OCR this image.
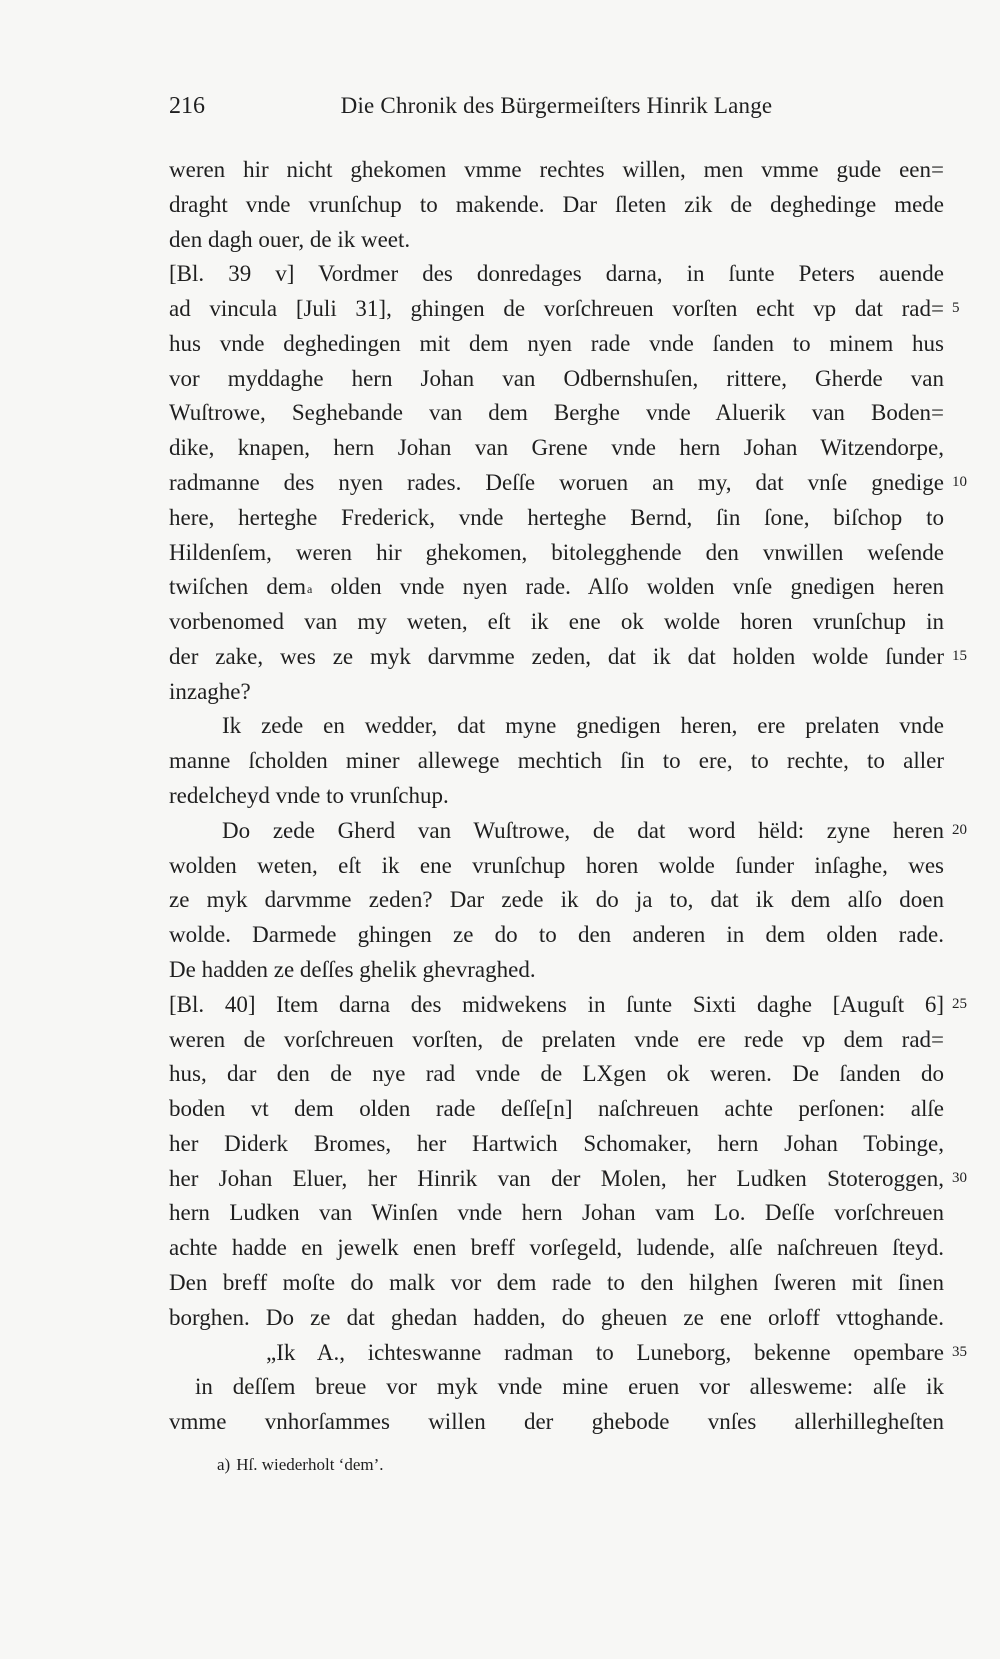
216	Die Chronik des Bürgermeiſters Hinrik Lange
weren hir nicht ghekomen vmme rechtes willen, men vmme gude een=
draght vnde vrunſchup to makende. Dar ſleten zik de deghedinge mede
den dagh ouer, de ik weet.
[Bl. 39 v] Vordmer des donredages darna, in ſunte Peters auende
ad vincula [Juli 31], ghingen de vorſchreuen vorſten echt vp dat rad= 5
hus vnde deghedingen mit dem nyen rade vnde ſanden to minem hus
vor myddaghe hern Johan van Odbernshuſen, rittere, Gherde van
Wuſtrowe, Seghebande van dem Berghe vnde Aluerik van Boden=
dike, knapen, hern Johan van Grene vnde hern Johan Witzendorpe,
radmanne des nyen rades. Deſſe woruen an my, dat vnſe gnedige 10
here, herteghe Frederick, vnde herteghe Bernd, ſin ſone, biſchop to
Hildenſem, weren hir ghekomen, bitolegghende den vnwillen weſende
twiſchen dem$^a$ olden vnde nyen rade. Alſo wolden vnſe gnedigen heren
vorbenomed van my weten, eſt ik ene ok wolde horen vrunſchup in
der zake, wes ze myk darvmme zeden, dat ik dat holden wolde ſunder 15
inzaghe?
Ik zede en wedder, dat myne gnedigen heren, ere prelaten vnde
manne ſcholden miner allewege mechtich ſin to ere, to rechte, to aller
redelcheyd vnde to vrunſchup.
Do zede Gherd van Wuſtrowe, de dat word hëld: zyne heren 20
wolden weten, eſt ik ene vrunſchup horen wolde ſunder inſaghe, wes
ze myk darvmme zeden? Dar zede ik do ja to, dat ik dem alſo doen
wolde. Darmede ghingen ze do to den anderen in dem olden rade.
De hadden ze deſſes ghelik ghevraghed.
[Bl. 40] Item darna des midwekens in ſunte Sixti daghe [Auguſt 6] 25
weren de vorſchreuen vorſten, de prelaten vnde ere rede vp dem rad=
hus, dar den de nye rad vnde de LXgen ok weren. De ſanden do
boden vt dem olden rade deſſe[n] naſchreuen achte perſonen: alſe
her Diderk Bromes, her Hartwich Schomaker, hern Johan Tobinge,
her Johan Eluer, her Hinrik van der Molen, her Ludken Stoteroggen, 30
hern Ludken van Winſen vnde hern Johan vam Lo. Deſſe vorſchreuen
achte hadde en jewelk enen breff vorſegeld, ludende, alſe naſchreuen ſteyd.
Den breff moſte do malk vor dem rade to den hilghen ſweren mit ſinen
borghen. Do ze dat ghedan hadden, do gheuen ze ene orloff vttoghande.
„Ik A., ichteswanne radman to Luneborg, bekenne opembare 35
in deſſem breue vor myk vnde mine eruen vor allesweme: alſe ik
vmme vnhorſammes willen der ghebode vnſes allerhillegheſten
a) Hſ. wiederholt ‘dem’.
